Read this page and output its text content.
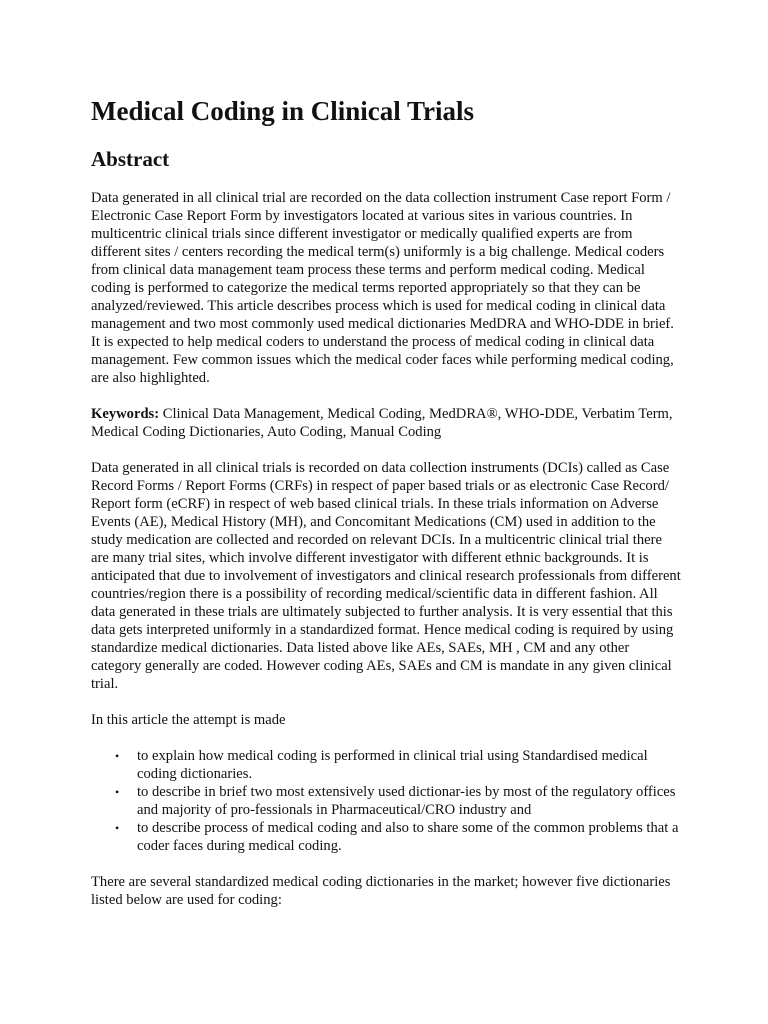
Medical Coding in Clinical Trials
Abstract

Data generated in all clinical trial are recorded on the data collection instrument Case report Form / Electronic Case Report Form by investigators located at various sites in various countries. In multicentric clinical trials since different investigator or medically qualified experts are from different sites / centers recording the medical term(s) uniformly is a big challenge. Medical coders from clinical data management team process these terms and perform medical coding. Medical coding is performed to categorize the medical terms reported appropriately so that they can be analyzed/reviewed. This article describes process which is used for medical coding in clinical data management and two most commonly used medical dictionaries MedDRA and WHO-DDE in brief. It is expected to help medical coders to understand the process of medical coding in clinical data management. Few common issues which the medical coder faces while performing medical coding, are also highlighted.

Keywords: Clinical Data Management, Medical Coding, MedDRA®, WHO-DDE, Verbatim Term, Medical Coding Dictionaries, Auto Coding, Manual Coding

Data generated in all clinical trials is recorded on data collection instruments (DCIs) called as Case Record Forms / Report Forms (CRFs) in respect of paper based trials or as electronic Case Record/ Report form (eCRF) in respect of web based clinical trials. In these trials information on Adverse Events (AE), Medical History (MH), and Concomitant Medications (CM) used in addition to the study medication are collected and recorded on relevant DCIs. In a multicentric clinical trial there are many trial sites, which involve different investigator with different ethnic backgrounds. It is anticipated that due to involvement of investigators and clinical research professionals from different countries/region there is a possibility of recording medical/scientific data in different fashion. All data generated in these trials are ultimately subjected to further analysis. It is very essential that this data gets interpreted uniformly in a standardized format. Hence medical coding is required by using standardize medical dictionaries. Data listed above like AEs, SAEs, MH , CM and any other category generally are coded. However coding AEs, SAEs and CM is mandate in any given clinical trial.

In this article the attempt is made

• to explain how medical coding is performed in clinical trial using Standardised medical coding dictionaries.
• to describe in brief two most extensively used dictionar-ies by most of the regulatory offices and majority of pro-fessionals in Pharmaceutical/CRO industry and
• to describe process of medical coding and also to share some of the common problems that a coder faces during medical coding.

There are several standardized medical coding dictionaries in the market; however five dictionaries listed below are used for coding:
